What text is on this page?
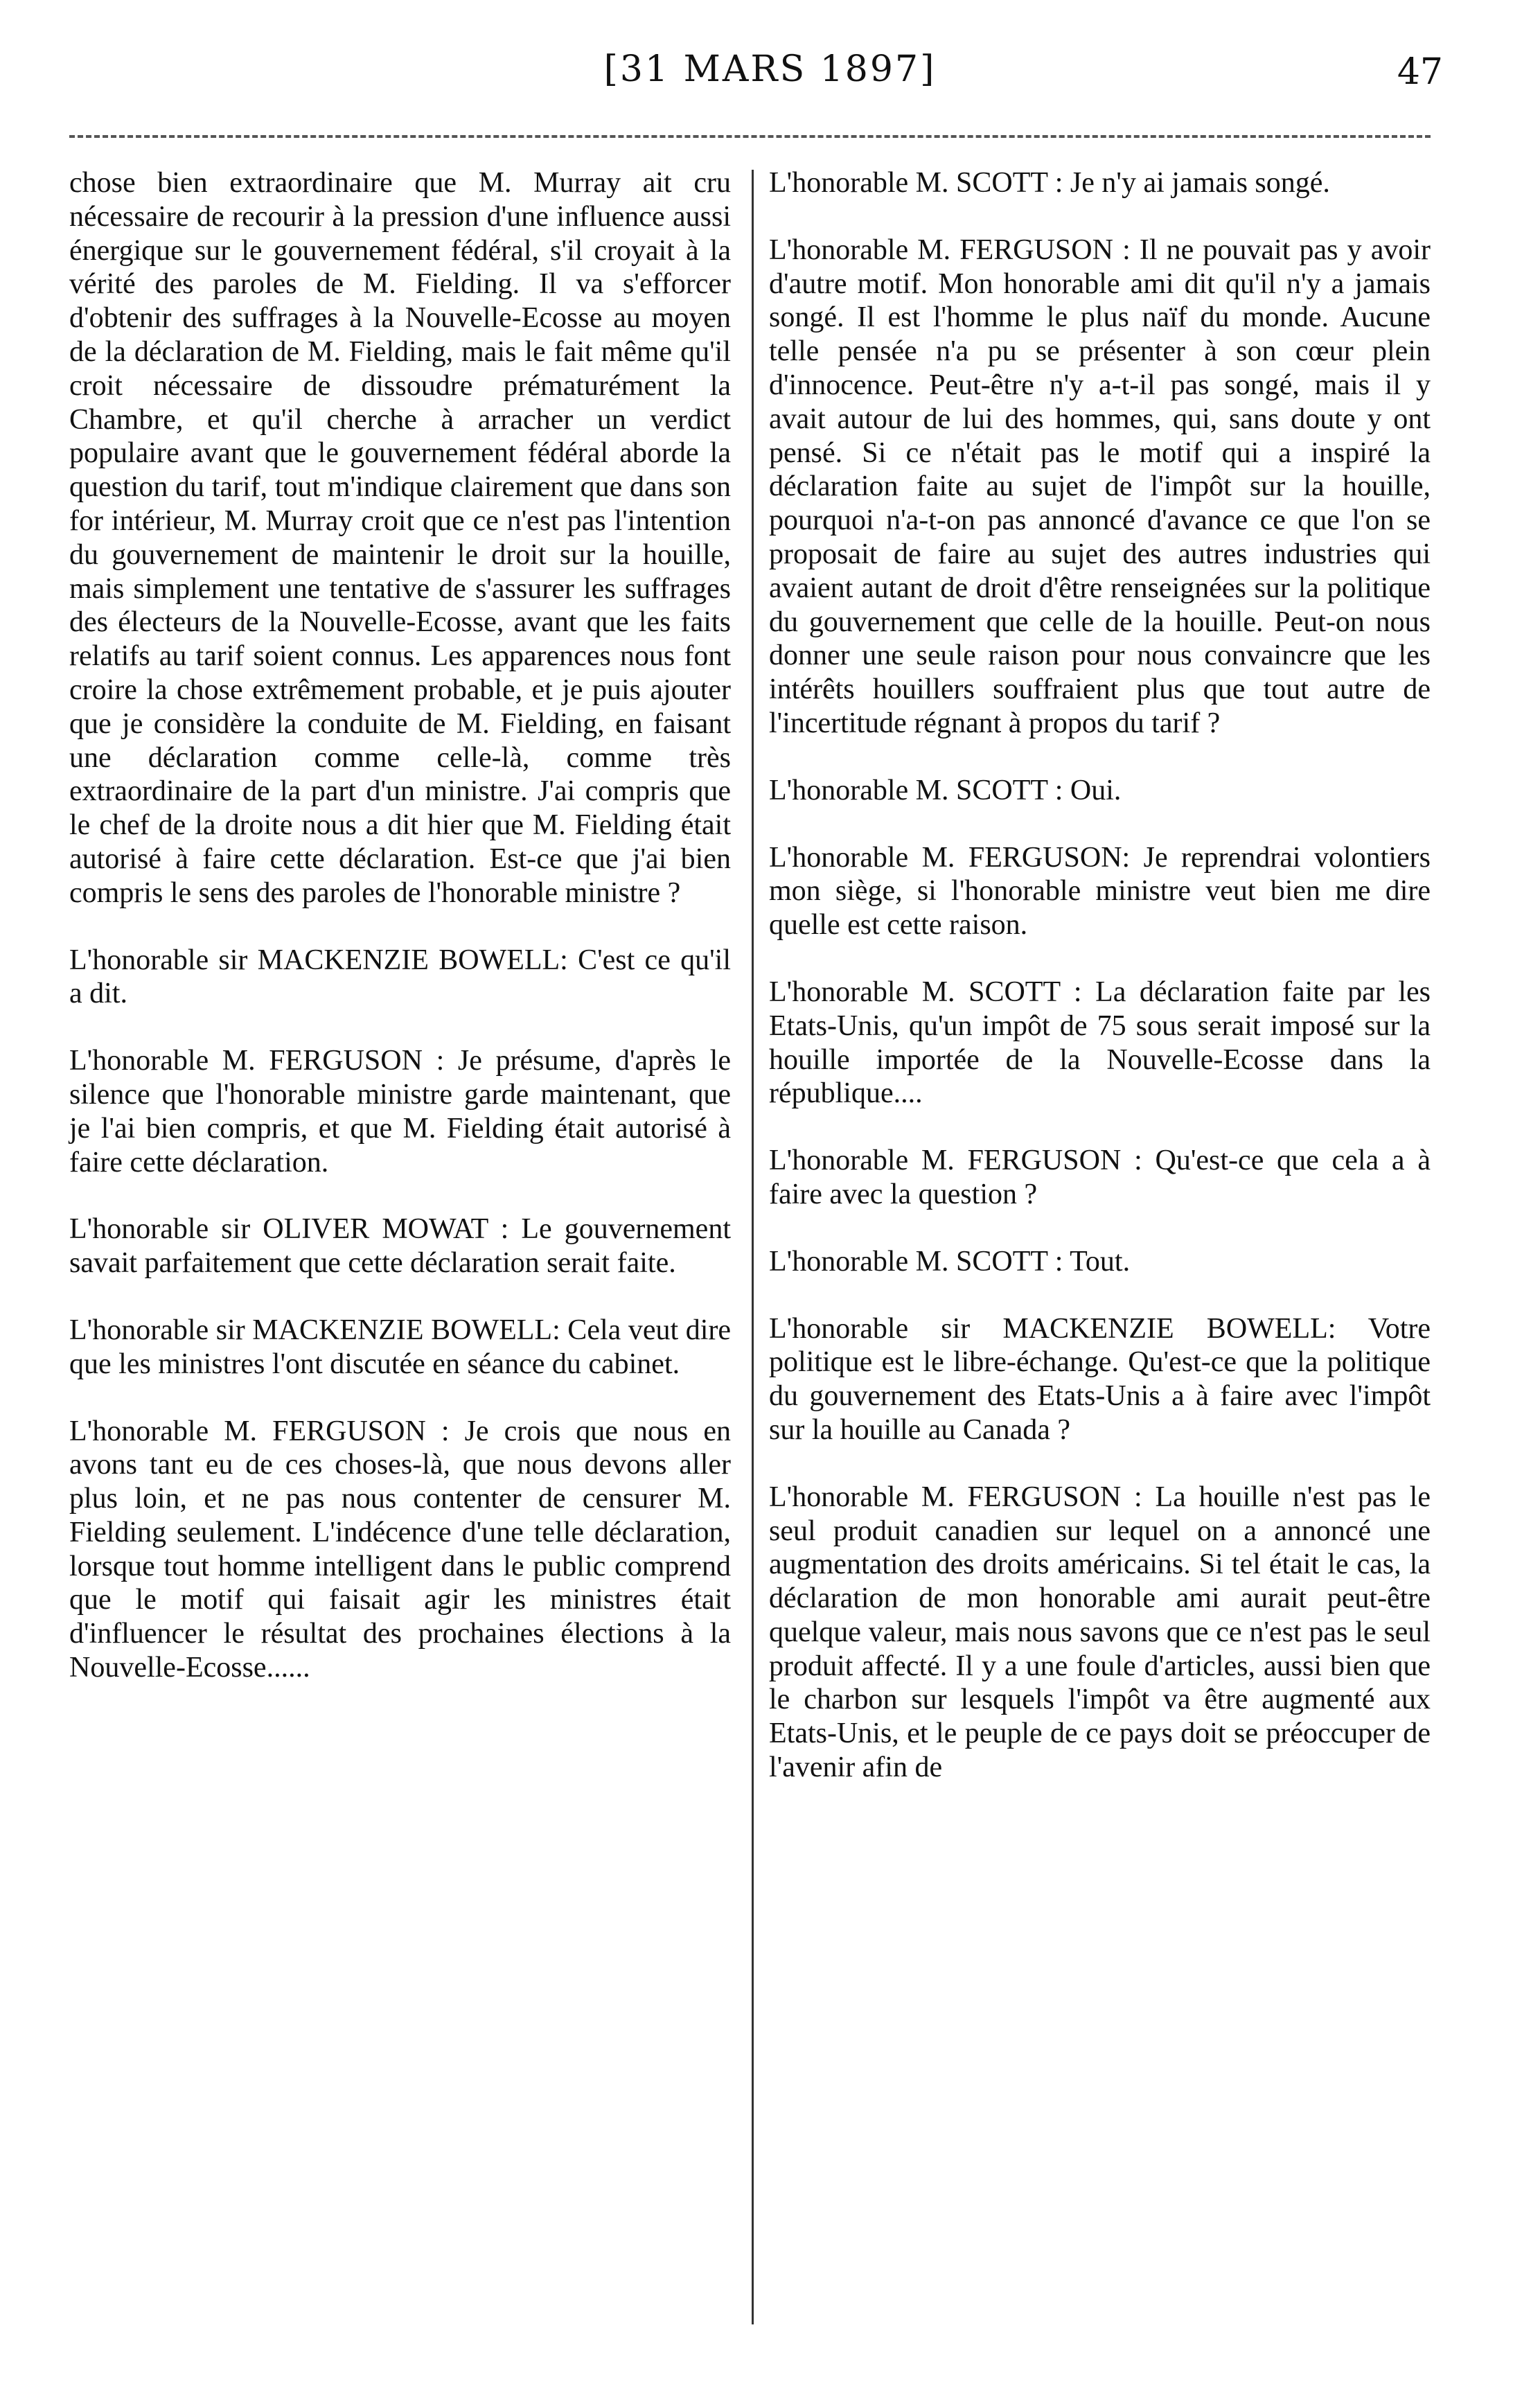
[31 MARS 1897]	47

chose bien extraordinaire que M. Murray ait cru nécessaire de recourir à la pression d'une influence aussi énergique sur le gouvernement fédéral, s'il croyait à la vérité des paroles de M. Fielding. Il va s'efforcer d'obtenir des suffrages à la Nouvelle-Ecosse au moyen de la déclaration de M. Fielding, mais le fait même qu'il croit nécessaire de dissoudre prématurément la Chambre, et qu'il cherche à arracher un verdict populaire avant que le gouvernement fédéral aborde la question du tarif, tout m'indique clairement que dans son for intérieur, M. Murray croit que ce n'est pas l'intention du gouvernement de maintenir le droit sur la houille, mais simplement une tentative de s'assurer les suffrages des électeurs de la Nouvelle-Ecosse, avant que les faits relatifs au tarif soient connus. Les apparences nous font croire la chose extrêmement probable, et je puis ajouter que je considère la conduite de M. Fielding, en faisant une déclaration comme celle-là, comme très extraordinaire de la part d'un ministre. J'ai compris que le chef de la droite nous a dit hier que M. Fielding était autorisé à faire cette déclaration. Est-ce que j'ai bien compris le sens des paroles de l'honorable ministre ?

L'honorable sir MACKENZIE BOWELL: C'est ce qu'il a dit.

L'honorable M. FERGUSON : Je présume, d'après le silence que l'honorable ministre garde maintenant, que je l'ai bien compris, et que M. Fielding était autorisé à faire cette déclaration.

L'honorable sir OLIVER MOWAT : Le gouvernement savait parfaitement que cette déclaration serait faite.

L'honorable sir MACKENZIE BOWELL: Cela veut dire que les ministres l'ont discutée en séance du cabinet.

L'honorable M. FERGUSON : Je crois que nous en avons tant eu de ces choses-là, que nous devons aller plus loin, et ne pas nous contenter de censurer M. Fielding seulement. L'indécence d'une telle déclaration, lorsque tout homme intelligent dans le public comprend que le motif qui faisait agir les ministres était d'influencer le résultat des prochaines élections à la Nouvelle-Ecosse......

L'honorable M. SCOTT : Je n'y ai jamais songé.

L'honorable M. FERGUSON : Il ne pouvait pas y avoir d'autre motif. Mon honorable ami dit qu'il n'y a jamais songé. Il est l'homme le plus naïf du monde. Aucune telle pensée n'a pu se présenter à son cœur plein d'innocence. Peut-être n'y a-t-il pas songé, mais il y avait autour de lui des hommes, qui, sans doute y ont pensé. Si ce n'était pas le motif qui a inspiré la déclaration faite au sujet de l'impôt sur la houille, pourquoi n'a-t-on pas annoncé d'avance ce que l'on se proposait de faire au sujet des autres industries qui avaient autant de droit d'être renseignées sur la politique du gouvernement que celle de la houille. Peut-on nous donner une seule raison pour nous convaincre que les intérêts houillers souffraient plus que tout autre de l'incertitude régnant à propos du tarif ?

L'honorable M. SCOTT : Oui.

L'honorable M. FERGUSON: Je reprendrai volontiers mon siège, si l'honorable ministre veut bien me dire quelle est cette raison.

L'honorable M. SCOTT : La déclaration faite par les Etats-Unis, qu'un impôt de 75 sous serait imposé sur la houille importée de la Nouvelle-Ecosse dans la république....

L'honorable M. FERGUSON : Qu'est-ce que cela a à faire avec la question ?

L'honorable M. SCOTT : Tout.

L'honorable sir MACKENZIE BOWELL: Votre politique est le libre-échange. Qu'est-ce que la politique du gouvernement des Etats-Unis a à faire avec l'impôt sur la houille au Canada ?

L'honorable M. FERGUSON : La houille n'est pas le seul produit canadien sur lequel on a annoncé une augmentation des droits américains. Si tel était le cas, la déclaration de mon honorable ami aurait peut-être quelque valeur, mais nous savons que ce n'est pas le seul produit affecté. Il y a une foule d'articles, aussi bien que le charbon sur lesquels l'impôt va être augmenté aux Etats-Unis, et le peuple de ce pays doit se préoccuper de l'avenir afin de
